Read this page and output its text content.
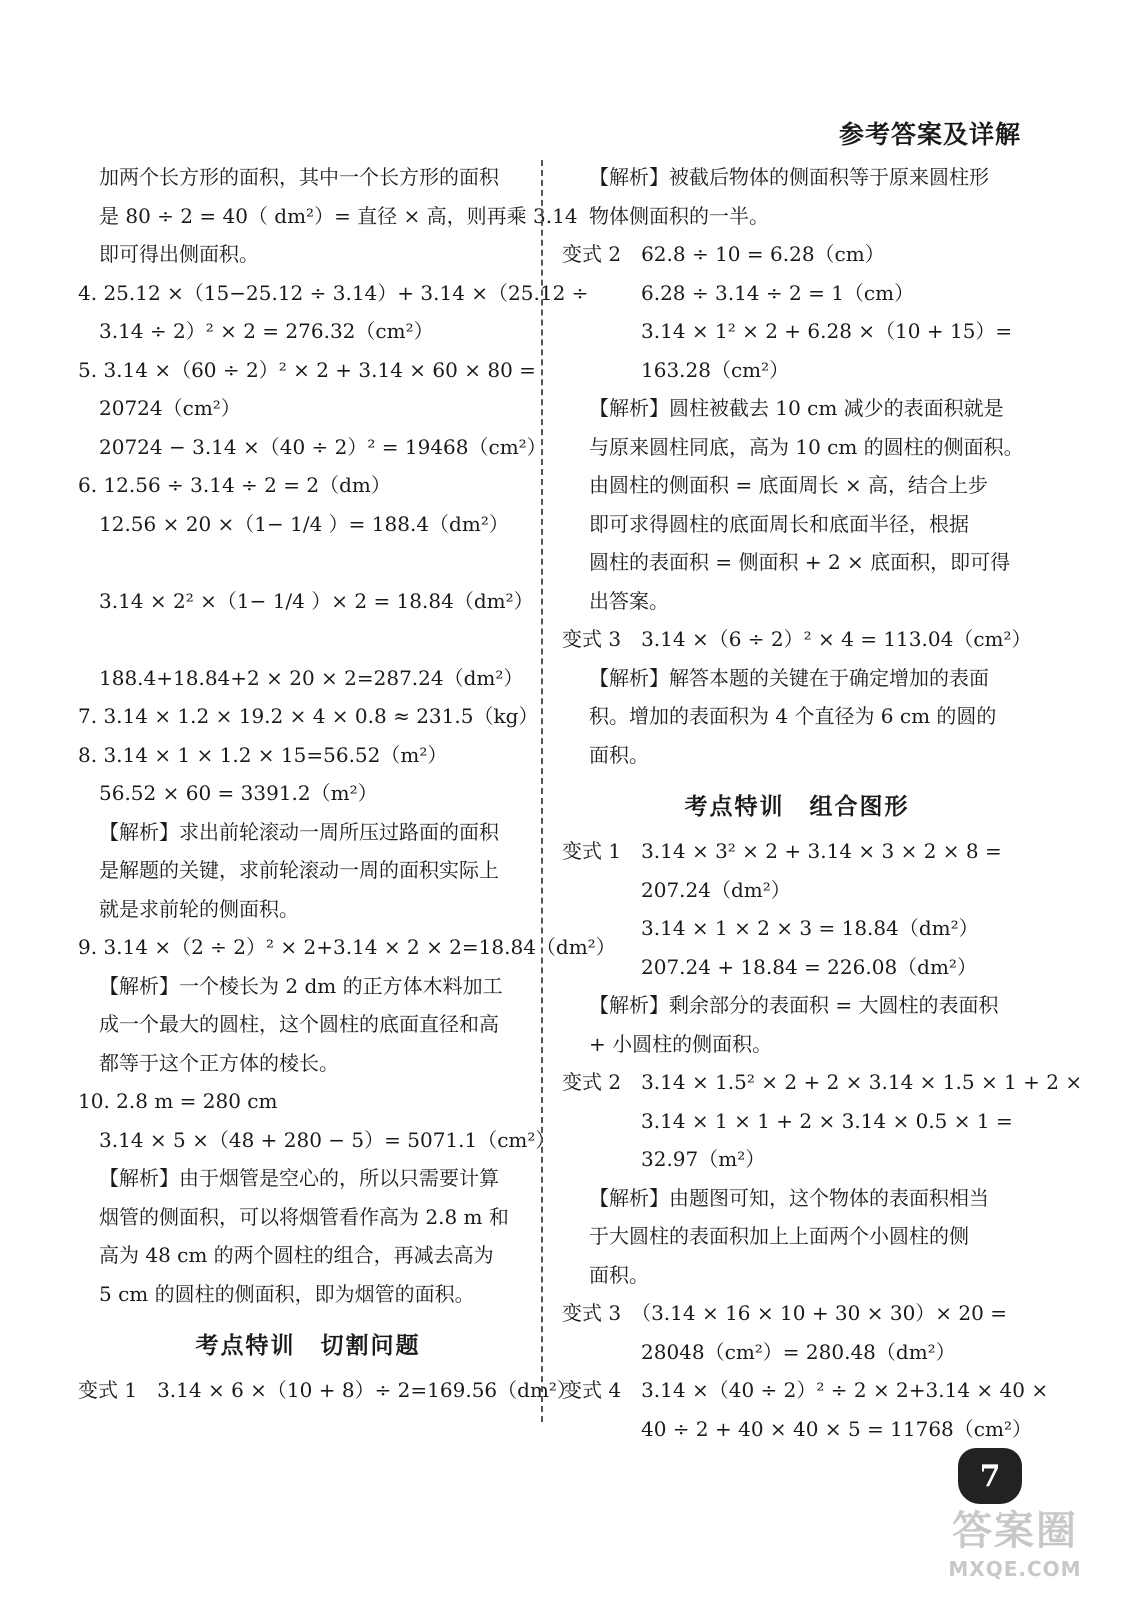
参考答案及详解
加两个长方形的面积，其中一个长方形的面积
是 80 ÷ 2 = 40（ dm²）= 直径 × 高，则再乘 3.14
即可得出侧面积。
4. 25.12 ×（15−25.12 ÷ 3.14）+ 3.14 ×（25.12 ÷
3.14 ÷ 2）² × 2 = 276.32（cm²）
5. 3.14 ×（60 ÷ 2）² × 2 + 3.14 × 60 × 80 =
20724（cm²）
20724 − 3.14 ×（40 ÷ 2）² = 19468（cm²）
6. 12.56 ÷ 3.14 ÷ 2 = 2（dm）
12.56 × 20 ×（1− 1/4 ）= 188.4（dm²）

3.14 × 2² ×（1− 1/4 ）× 2 = 18.84（dm²）

188.4+18.84+2 × 20 × 2=287.24（dm²）
7. 3.14 × 1.2 × 19.2 × 4 × 0.8 ≈ 231.5（kg）
8. 3.14 × 1 × 1.2 × 15=56.52（m²）
56.52 × 60 = 3391.2（m²）
【解析】求出前轮滚动一周所压过路面的面积
是解题的关键，求前轮滚动一周的面积实际上
就是求前轮的侧面积。
9. 3.14 ×（2 ÷ 2）² × 2+3.14 × 2 × 2=18.84（dm²）
【解析】一个棱长为 2 dm 的正方体木料加工
成一个最大的圆柱，这个圆柱的底面直径和高
都等于这个正方体的棱长。
10. 2.8 m = 280 cm
3.14 × 5 ×（48 + 280 − 5）= 5071.1（cm²）
【解析】由于烟管是空心的，所以只需要计算
烟管的侧面积，可以将烟管看作高为 2.8 m 和
高为 48 cm 的两个圆柱的组合，再减去高为
5 cm 的圆柱的侧面积，即为烟管的面积。
考点特训　切割问题
变式 1　3.14 × 6 ×（10 + 8）÷ 2=169.56（dm²）
【解析】被截后物体的侧面积等于原来圆柱形
物体侧面积的一半。
变式 2　62.8 ÷ 10 = 6.28（cm）
6.28 ÷ 3.14 ÷ 2 = 1（cm）
3.14 × 1² × 2 + 6.28 ×（10 + 15）=
163.28（cm²）
【解析】圆柱被截去 10 cm 减少的表面积就是
与原来圆柱同底，高为 10 cm 的圆柱的侧面积。
由圆柱的侧面积 = 底面周长 × 高，结合上步
即可求得圆柱的底面周长和底面半径，根据
圆柱的表面积 = 侧面积 + 2 × 底面积，即可得
出答案。
变式 3　3.14 ×（6 ÷ 2）² × 4 = 113.04（cm²）
【解析】解答本题的关键在于确定增加的表面
积。增加的表面积为 4 个直径为 6 cm 的圆的
面积。
考点特训　组合图形
变式 1　3.14 × 3² × 2 + 3.14 × 3 × 2 × 8 =
207.24（dm²）
3.14 × 1 × 2 × 3 = 18.84（dm²）
207.24 + 18.84 = 226.08（dm²）
【解析】剩余部分的表面积 = 大圆柱的表面积
+ 小圆柱的侧面积。
变式 2　3.14 × 1.5² × 2 + 2 × 3.14 × 1.5 × 1 + 2 ×
3.14 × 1 × 1 + 2 × 3.14 × 0.5 × 1 =
32.97（m²）
【解析】由题图可知，这个物体的表面积相当
于大圆柱的表面积加上上面两个小圆柱的侧
面积。
变式 3　（3.14 × 16 × 10 + 30 × 30）× 20 =
28048（cm²）= 280.48（dm²）
变式 4　3.14 ×（40 ÷ 2）² ÷ 2 × 2+3.14 × 40 ×
40 ÷ 2 + 40 × 40 × 5 = 11768（cm²）
7
答案圈
MXQE.COM
